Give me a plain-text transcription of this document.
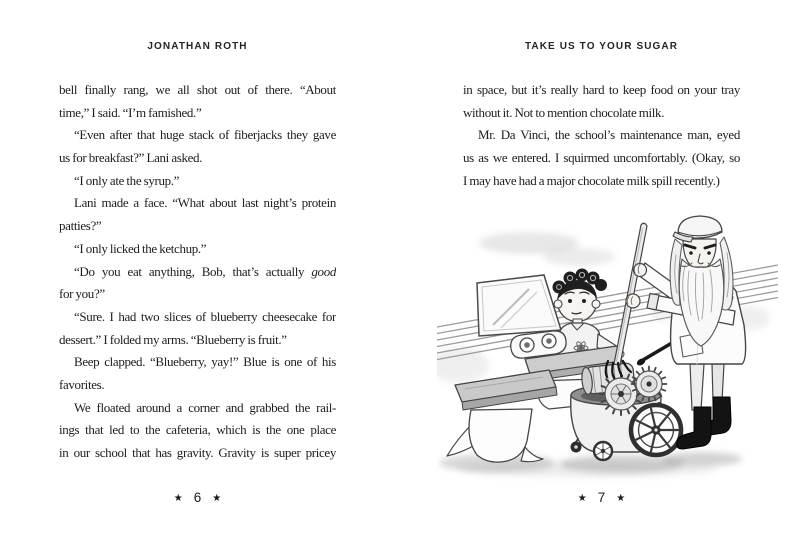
JONATHAN ROTH
bell finally rang, we all shot out of there. “About
time,” I said. “I’m famished.”
“Even after that huge stack of fiberjacks they gave
us for breakfast?” Lani asked.
“I only ate the syrup.”
Lani made a face. “What about last night’s protein
patties?”
“I only licked the ketchup.”
“Do you eat anything, Bob, that’s actually good
for you?”
“Sure. I had two slices of blueberry cheesecake for
dessert.” I folded my arms. “Blueberry is fruit.”
Beep clapped. “Blueberry, yay!” Blue is one of his
favorites.
We floated around a corner and grabbed the rail-
ings that led to the cafeteria, which is the one place
in our school that has gravity. Gravity is super pricey
★ 6 ★
TAKE US TO YOUR SUGAR
in space, but it’s really hard to keep food on your tray
without it. Not to mention chocolate milk.
Mr. Da Vinci, the school’s maintenance man, eyed
us as we entered. I squirmed uncomfortably. (Okay, so
I may have had a major chocolate milk spill recently.)
★ 7 ★
